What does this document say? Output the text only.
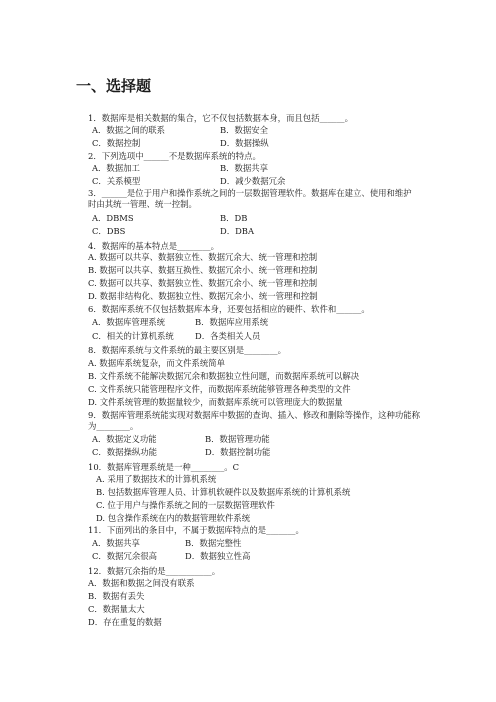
一、选择题
1．数据库是相关数据的集合，它不仅包括数据本身，而且包括______。
2．下列选项中______不是数据库系统的特点。
3．______是位于用户和操作系统之间的一层数据管理软件。数据库在建立、使用和维护
时由其统一管理、统一控制。
4．数据库的基本特点是________。
A. 数据可以共享、数据独立性、数据冗余大、统一管理和控制
B. 数据可以共享、数据互换性、数据冗余小、统一管理和控制
C. 数据可以共享、数据独立性、数据冗余小、统一管理和控制
D. 数据非结构化、数据独立性、数据冗余小、统一管理和控制
6．数据库系统不仅包括数据库本身，还要包括相应的硬件、软件和______。
8．数据库系统与文件系统的最主要区别是________。
A. 数据库系统复杂，而文件系统简单
B. 文件系统不能解决数据冗余和数据独立性问题，而数据库系统可以解决
C. 文件系统只能管理程序文件，而数据库系统能够管理各种类型的文件
D. 文件系统管理的数据量较少，而数据库系统可以管理庞大的数据量
9．数据库管理系统能实现对数据库中数据的查询、插入、修改和删除等操作，这种功能称
为________。
10．数据库管理系统是一种________。C
A. 采用了数据技术的计算机系统
B. 包括数据库管理人员、计算机软硬件以及数据库系统的计算机系统
C. 位于用户与操作系统之间的一层数据管理软件
D. 包含操作系统在内的数据管理软件系统
11．下面列出的条目中，不属于数据库特点的是_______。
12．数据冗余指的是___________。
A．数据和数据之间没有联系
B．数据有丢失
C．数据量太大
D．存在重复的数据
A．数据之间的联系	B．数据安全
C．数据控制	D．数据操纵
A．数据加工	B．数据共享
C．关系模型	D．减少数据冗余
A．DBMS	B．DB
C．DBS	D．DBA
A．数据库管理系统	B．数据库应用系统
C．相关的计算机系统	D．各类相关人员
A．数据定义功能	B．数据管理功能
C．数据操纵功能	D．数据控制功能
A．数据共享	B．数据完整性
C．数据冗余很高	D．数据独立性高
